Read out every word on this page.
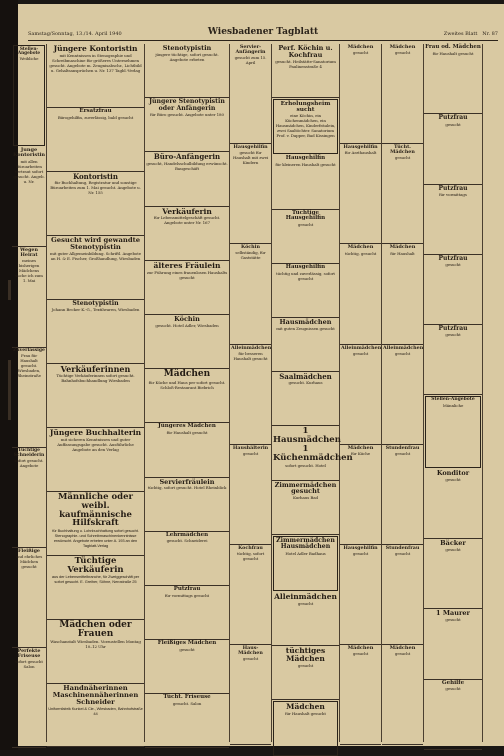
Samstag/Sonntag, 13./14. April 1940	Wiesbadener Tagblatt	Zweites Blatt Nr. 87
Stellen-Angebote
Weibliche
Junge Kontoristin
mit allen Büroarbeiten vertraut sofort gesucht. Angeb. u. Nr.
Wegen Heirat
meines bisherigen Mädchens suche ich zum 1. Mai
Zuverlässige
Frau für Haushalt gesucht. Wiesbaden, Rheinstraße
Tüchtige Schneiderin
sofort gesucht. Angebote
Fleißige
und ehrliches Mädchen gesucht
Perfekte Friseuse
sofort gesucht Salon
Jüngere Kontoristin
mit Kenntnissen in Stenographie und Schreibmaschine für größeres Unternehmen gesucht. Angebote m. Zeugnisabschr., Lichtbild u. Gehaltsansprüchen u. Nr. 137 Tagbl.-Verlag
Ersatzfrau
Bürogehilfin, zuverlässig, bald gesucht
Kontoristin
für Buchhaltung, Registratur und sonstige Büroarbeiten zum 1. Mai gesucht. Angebote u. Nr. 155
Gesucht wird gewandte Stenotypistin
mit guter Allgemeinbildung. Schriftl. Angebote an H. & E. Fischer, Großhandlung, Wiesbaden
Stenotypistin
Johann Becker K.-G., Textilwaren, Wiesbaden
Verkäuferinnen
Tüchtige Verkäuferinnen sofort gesucht. Bahnhofsbuchhandlung Wiesbaden
Jüngere Buchhalterin
mit sicheren Kenntnissen und guter Auffassungsgabe gesucht. Ausführliche Angebote an den Verlag
Männliche oder weibl. kaufmännische Hilfskraft
für Buchhaltung u. Lohnbuchhaltung sofort gesucht. Stenographie- und Schreibmaschinenkenntnisse erwünscht. Angebote erbeten unter A. 193 an den Tagblatt-Verlag
Tüchtige Verkäuferin
aus der Lebensmittelbranche, für Zweiggeschäft per sofort gesucht. E. Greiher, Söhne, Nerostraße 25
Mädchen oder Frauen
Waschanstalt Wiesbaden. Vorzustellen Montag 10–12 Uhr
Handnäherinnen Maschinennäherinnen Schneider
Uniformfabrik Kunkel & Cie., Wiesbaden, Bahnhofstraße 44
Stenotypistin
jüngere tüchtige, sofort gesucht. Angebote erbeten
Jüngere Stenotypistin oder Anfängerin
für Büro gesucht. Angebote unter 180
Büro-Anfängerin
gesucht, Handelsschulbildung erwünscht. Baugeschäft
Verkäuferin
für Lebensmittelgeschäft gesucht. Angebote unter Nr. 167
älteres Fräulein
zur Führung eines frauenlosen Haushalts gesucht
Köchin
gesucht. Hotel Adler, Wiesbaden
Mädchen
für Küche und Haus per sofort gesucht. Schloß-Restaurant Biebrich
Jüngeres Mädchen
für Haushalt gesucht
Servierfräulein
tüchtig, sofort gesucht. Hotel Rheinblick
Lehrmädchen
gesucht. Schneiderei
Putzfrau
für vormittags gesucht
Fleißiges Mädchen
gesucht
Tücht. Friseuse
gesucht. Salon
Servier-Anfängerin
gesucht zum 15. April
Hausgehilfin
gesucht für Haushalt mit zwei Kindern
Köchin
selbständig, für Gaststätte
Alleinmädchen
für besseren Haushalt gesucht
Haushälterin
gesucht
Kochfrau
tüchtig, sofort gesucht
Haus-Mädchen
gesucht
Perf. Köchin u. Kochfrau
gesucht. Heilstätte-Sanatorium Paulinenstraße 4
Erholungsheim sucht
eine Köchin, ein Küchenmädchen, ein Hausmädchen, Kinderfräulein, zwei Saaltöchter. Sanatorium Prof. v. Dapper, Bad Kissingen
Hausgehilfin
für kleineren Haushalt gesucht
Tüchtige Hausgehilfin
gesucht
Hausgehilfin
tüchtig und zuverlässig, sofort gesucht
Hausmädchen
mit guten Zeugnissen gesucht
Saalmädchen
gesucht. Kurhaus
1 Hausmädchen 1 Küchenmädchen
sofort gesucht. Hotel
Zimmermädchen gesucht
Kurhaus Bad
Zimmermädchen Hausmädchen
Hotel Adler Badhaus
Alleinmädchen
gesucht
tüchtiges Mädchen
gesucht
Mädchen
für Haushalt gesucht
Mädchen
gesucht
Hausgehilfin
für Arzthaushalt
Mädchen
tüchtig, gesucht
Alleinmädchen
gesucht
Mädchen
für Küche
Hausgehilfin
gesucht
Mädchen
gesucht
Mädchen
gesucht
Tücht. Mädchen
gesucht
Mädchen
für Haushalt
Alleinmädchen
gesucht
Stundenfrau
gesucht
Stundenfrau
gesucht
Mädchen
gesucht
Frau od. Mädchen
für Haushalt gesucht
Putzfrau
gesucht
Putzfrau
für vormittags
Putzfrau
gesucht
Putzfrau
gesucht
Stellen-Angebote
Männliche
Konditor
gesucht
Bäcker
gesucht
1 Maurer
gesucht
Gehilfe
gesucht
